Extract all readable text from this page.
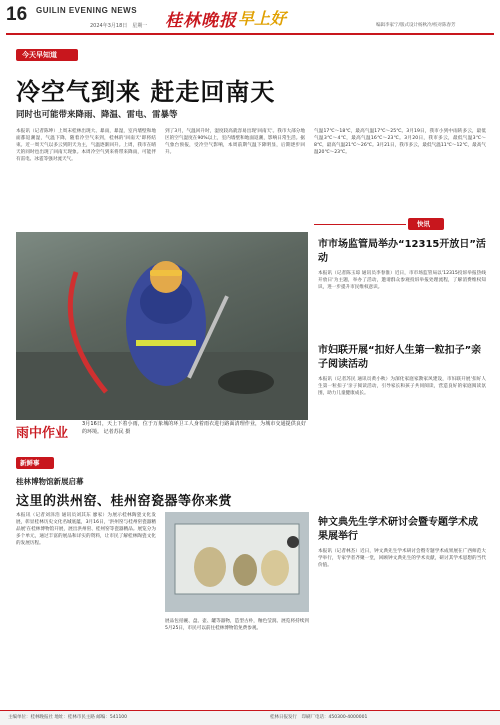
16 GUILIN EVENING NEWS
2024年3月18日　星期一 桂林晚报 早上好	编辑李家宁/版式设计杨秋冷/校对陈春芳
今天早知道
冷空气到来 赶走回南天
同时也可能带来降雨、降温、雷电、雷暴等
本报讯（记者陈坤）上周末桂林出现大、暴雨，暴湿，室内墙壁和地面都返潮湿，气温下降，随着冷空气来到，桂林的'回南天'即将结束。近一周天气以多云到阴天为主，气温逐渐回升。上周，我市在晴天的同时也出现了回南天现象。本周冷空气到来将带来降雨，可能伴有雷电、冰雹等强对流天气。
到了3月，气温回升时，湿度较高就容易出现'回南天'。我市大部分地区的空气湿度在90%以上，室内墙壁和地面返潮，影响日常生活。据气象台预报，受冷空气影响，本周前期气温下降明显，后期逐步回升。
气温17℃～18℃，最高气温17℃～25℃。3月19日，我市小到中雨转多云，最低气温3℃～4℃，最高气温16℃～23℃。3月20日，我市多云，最低气温3℃～8℃，最高气温21℃～26℃。3月21日，我市多云，最低气温11℃～12℃，最高气温20℃～23℃。
雨中作业
3月16日，天上下着小雨，位于万象城的环卫工人身着雨衣进行路面清理作业，为城市交通提供良好的环境。 记者苏民 摄
新鲜事
桂林博物馆新展启幕
这里的洪州窑、桂州窑瓷器等你来赏
本报讯（记者刘泽浩 通讯员刘其东 廖家）为展示桂林陶瓷文化发展，彰显桂林历史文化名城底蕴，3月16日，'洪州窑与桂州窑瓷器精品展'在桂林博物馆开展，展出洪州窑、桂州窑等瓷器精品。展览分为多个单元，通过丰富的展品和详实的资料，让市民了解桂林陶瓷文化的发展历程。
展品包括碗、盘、壶、罐等器物，造型古朴，釉色莹润。展览将持续到5月25日，市民可以前往桂林博物馆免费参观。
快讯
市市场监管局举办“12315开放日”活动
本报讯（记者陈玉琼 通讯员李春淮）近日，市市场监管局以'12315投诉举报热线开放日'为主题，举办了活动，邀请群众参观投诉举报处理流程，了解消费维权知识，进一步提升市民维权意识。
市妇联开展“扣好人生第一粒扣子”亲子阅读活动
本报讯（记者苏民 通讯员黄小秋）为深化家庭家教家风建设，市妇联开展'扣好人生第一粒扣子'亲子阅读活动，引导家长和孩子共同阅读，营造良好的家庭阅读氛围，助力儿童健康成长。
钟文典先生学术研讨会暨专题学术成果展举行
本报讯（记者林杰）近日，钟文典先生学术研讨会暨专题学术成果展在广西师范大学举行，专家学者齐聚一堂，回顾钟文典先生的学术贡献，研讨其学术思想的当代价值。
主编单位：桂林晚报社 地址：桂林市民主路 邮编：541100	桂林日报发行　印刷厂电话：450300-4000001
